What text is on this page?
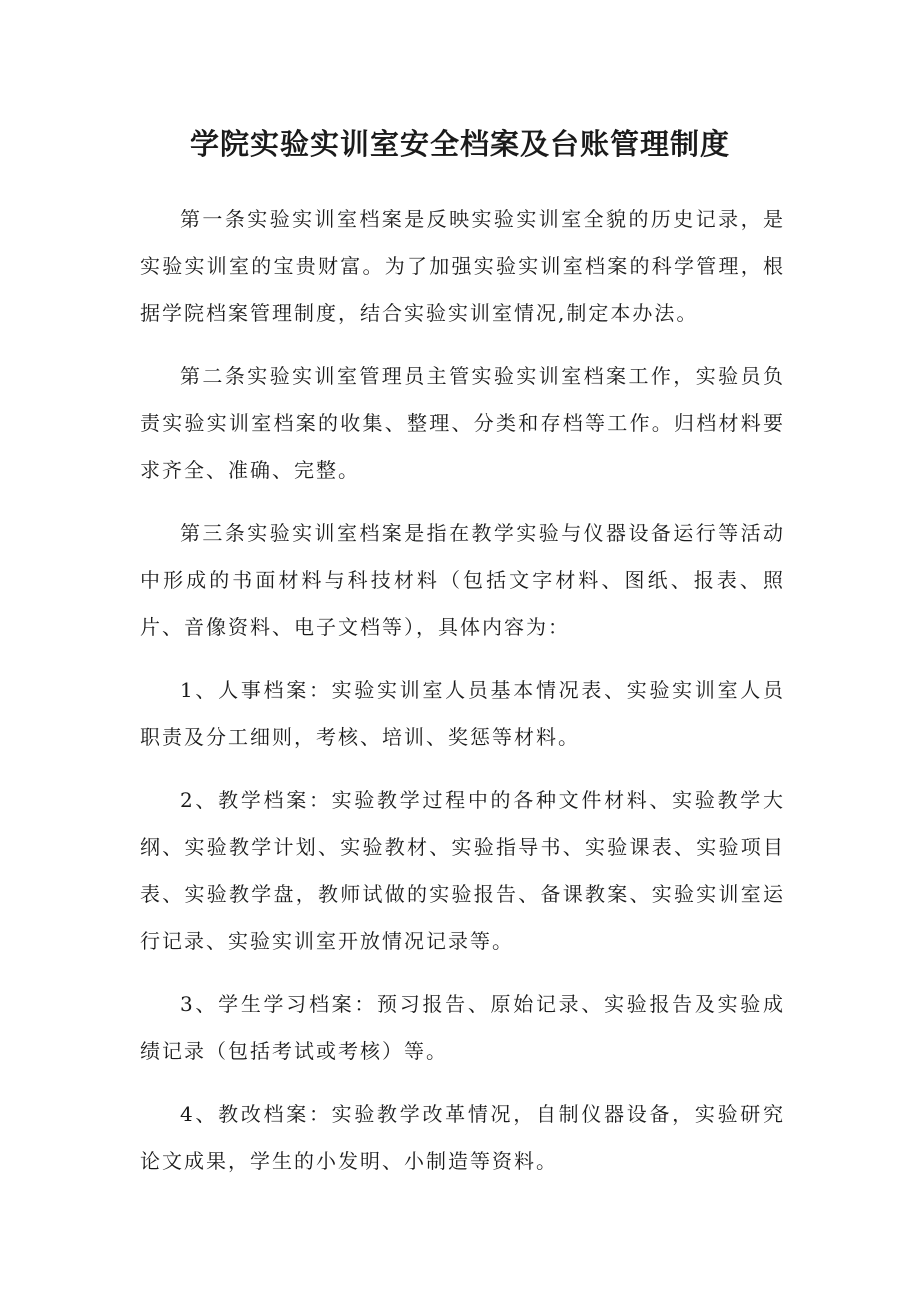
学院实验实训室安全档案及台账管理制度

第一条实验实训室档案是反映实验实训室全貌的历史记录，是实验实训室的宝贵财富。为了加强实验实训室档案的科学管理，根据学院档案管理制度，结合实验实训室情况,制定本办法。

第二条实验实训室管理员主管实验实训室档案工作，实验员负责实验实训室档案的收集、整理、分类和存档等工作。归档材料要求齐全、准确、完整。

第三条实验实训室档案是指在教学实验与仪器设备运行等活动中形成的书面材料与科技材料（包括文字材料、图纸、报表、照片、音像资料、电子文档等），具体内容为：

1、人事档案：实验实训室人员基本情况表、实验实训室人员职责及分工细则，考核、培训、奖惩等材料。

2、教学档案：实验教学过程中的各种文件材料、实验教学大纲、实验教学计划、实验教材、实验指导书、实验课表、实验项目表、实验教学盘，教师试做的实验报告、备课教案、实验实训室运行记录、实验实训室开放情况记录等。

3、学生学习档案：预习报告、原始记录、实验报告及实验成绩记录（包括考试或考核）等。

4、教改档案：实验教学改革情况，自制仪器设备，实验研究论文成果，学生的小发明、小制造等资料。
